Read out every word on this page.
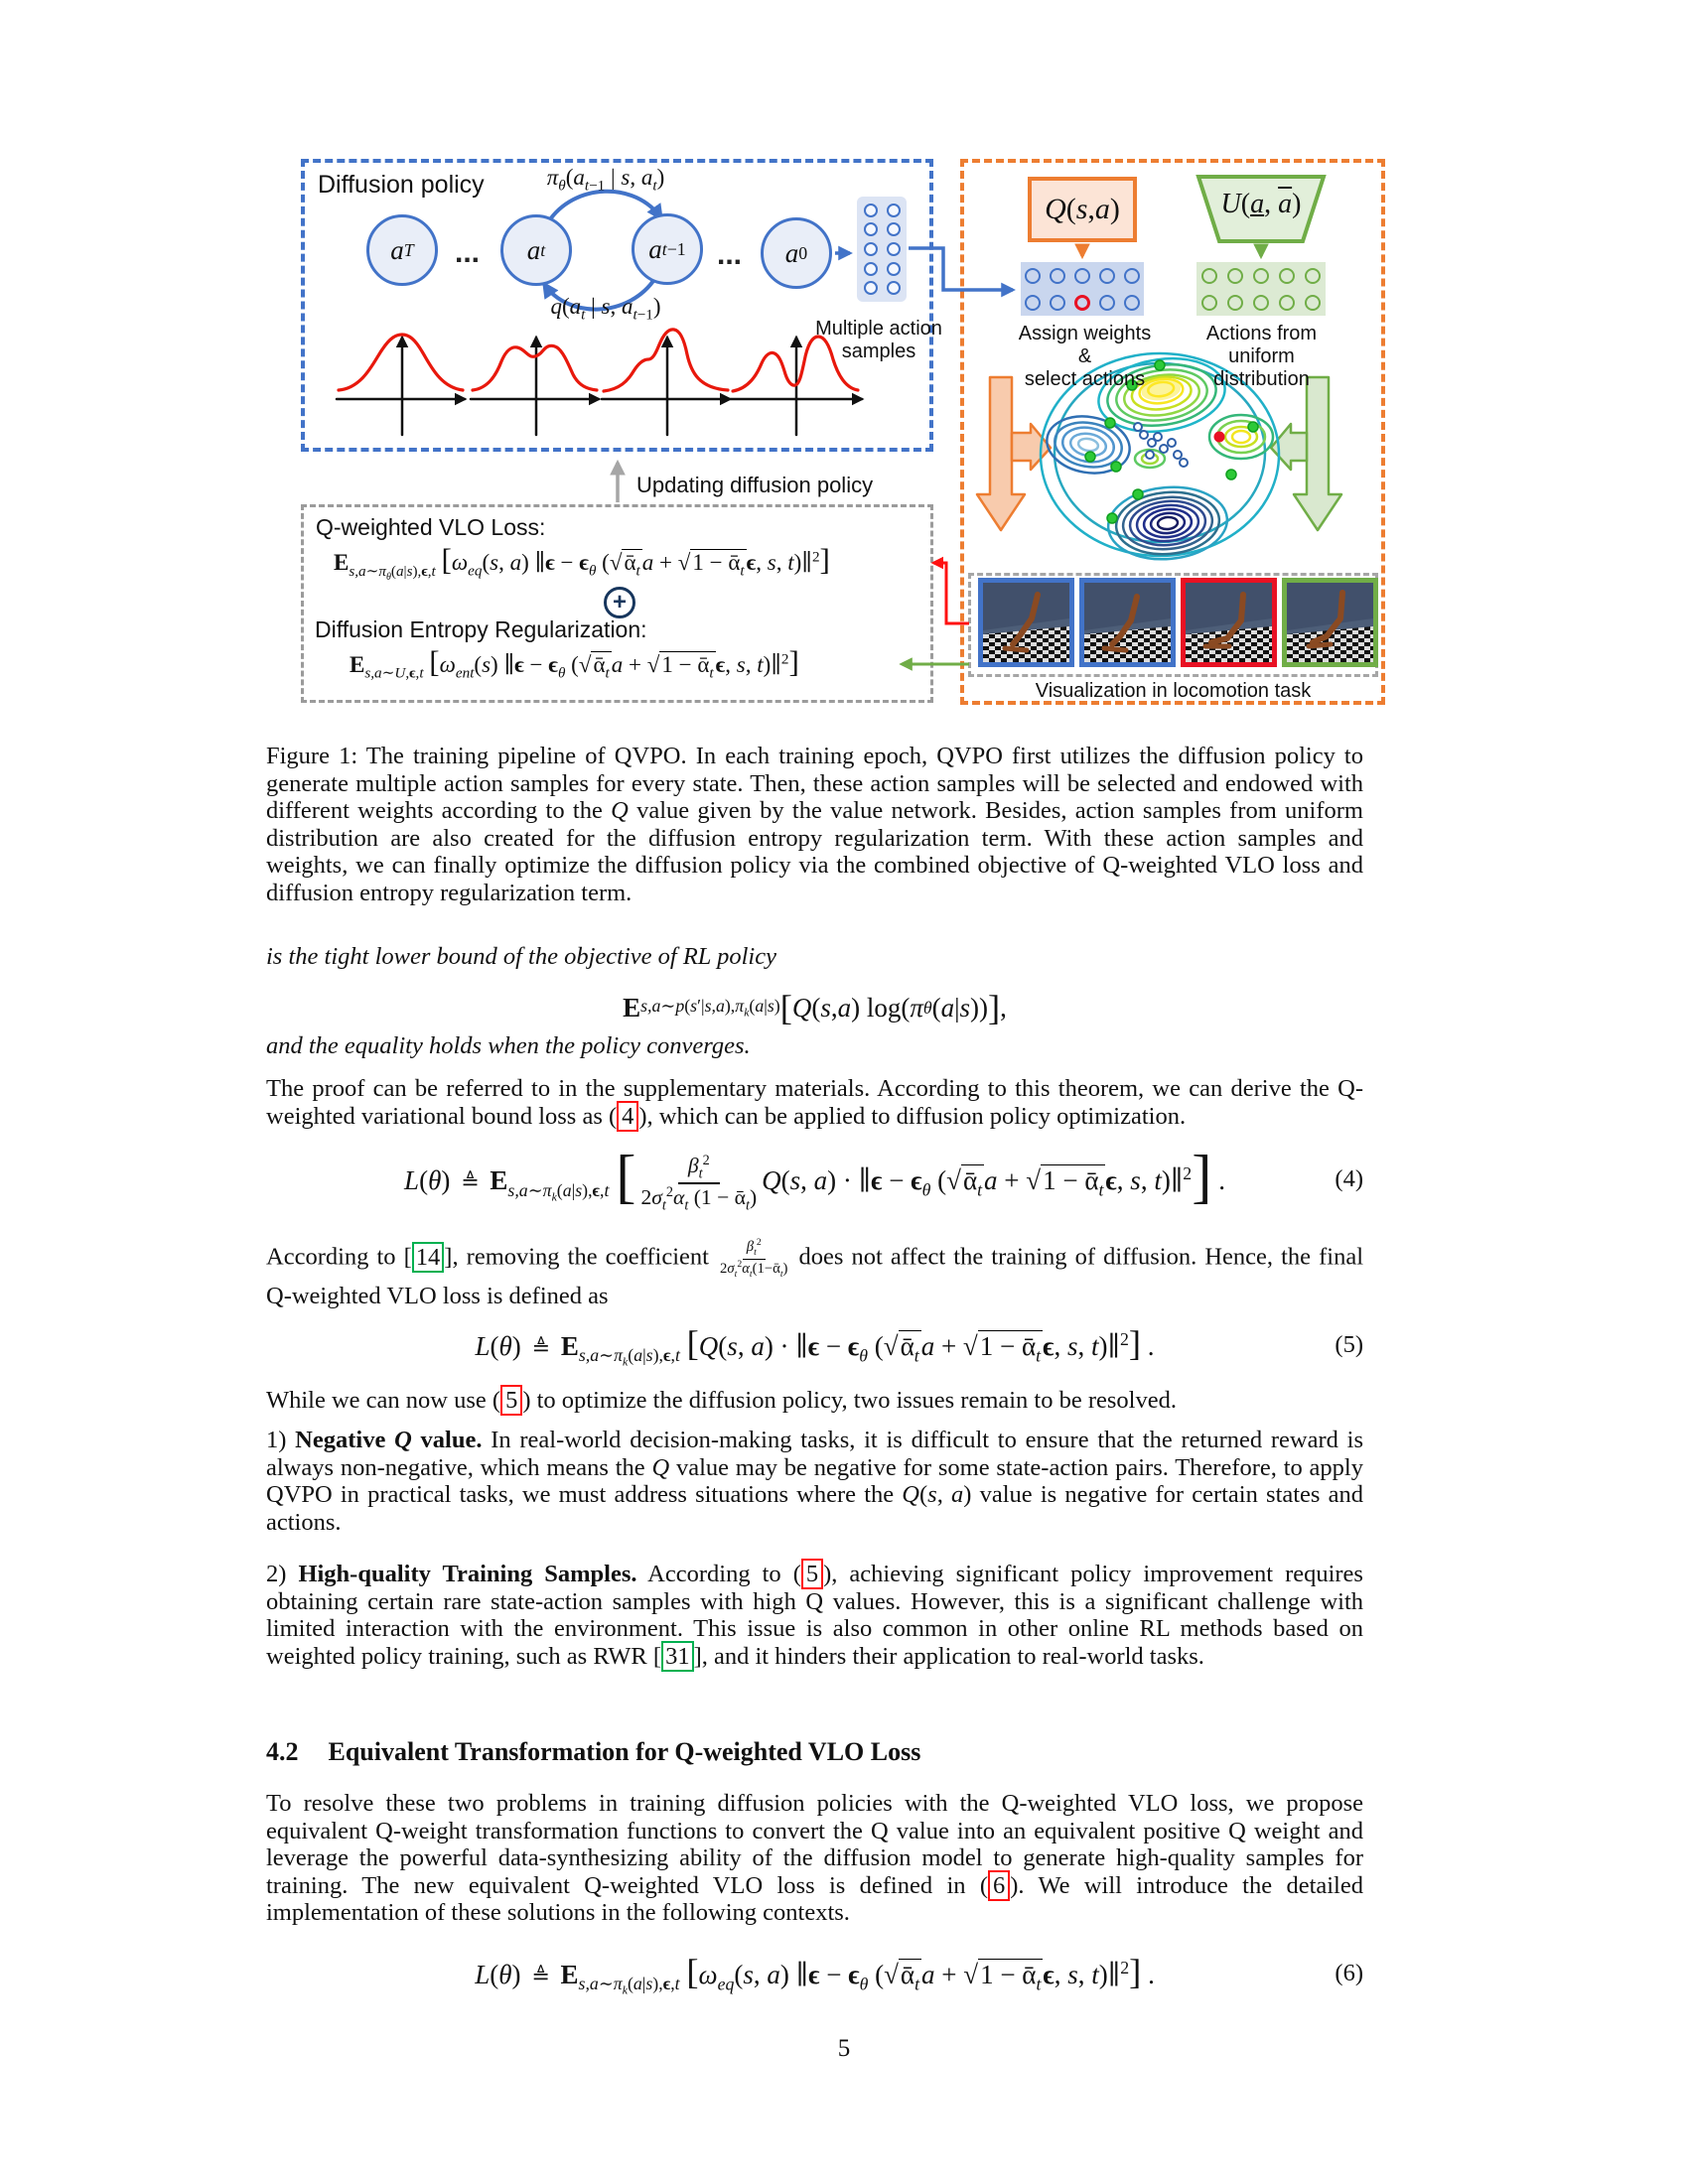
Diffusion policy	$\pi_\theta(a_{t-1}$ | s, $a_t$)
$q(a_t$ | s, $a_{t-1}$)
a T	a t	a t−1	a 0
...	...
Multiple action
samples
Q ( s , a )	U(a, $\overline{a}$)
Assign weights &
select actions
Actions from
uniform distribution
Visualization in locomotion task
Updating diffusion policy
Q-weighted VLO Loss:
$E_{s,a\sim\pi_\theta(a|s),\epsilon,t}$ [$\omega_{eq}(s$, a) ∥ϵ − $\epsilon_\theta$ (√ᾱ$_t$a + √1 − ᾱ$_t$ϵ, s, t)∥$^2$]
+
Diffusion Entropy Regularization:
$E_{s,a\sim U,\epsilon,t}$ [$\omega_{ent}(s)$ ∥ϵ − $\epsilon_\theta$ (√ᾱ$_t$a + √1 − ᾱ$_t$ϵ, s, t)∥$^2$]
Figure 1: The training pipeline of QVPO. In each training epoch, QVPO first utilizes the diffusion policy to generate multiple action samples for every state. Then, these action samples will be selected and endowed with different weights according to the Q value given by the value network. Besides, action samples from uniform distribution are also created for the diffusion entropy regularization term. With these action samples and weights, we can finally optimize the diffusion policy via the combined objective of Q-weighted VLO loss and diffusion entropy regularization term.
is the tight lower bound of the objective of RL policy
E $s,a\sim p(s'|s,a),\pi_k(a|s)$ [ Q ( s , a ) log( π θ ( a | s )) ] ,
and the equality holds when the policy converges.
The proof can be referred to in the supplementary materials. According to this theorem, we can derive the Q-weighted variational bound loss as ( 4 ), which can be applied to diffusion policy optimization.
L(θ) ≜ $E_{s,a\sim\pi_k(a|s),\epsilon,t}$ [ $\frac{\beta_t^2}{2\sigma_t^2\alpha_t (1 - ᾱ_t)} Q(s$, a) · ∥ϵ − $\epsilon_\theta$ (√ᾱ$_t$a + √1 − ᾱ$_t$ϵ, s, t)∥$^2$] .	(4)
According to [ 14 ], removing the coefficient $\frac{\beta_t^2}{2\sigma_t^2\alpha_t(1-ᾱ_t)}$ does not affect the training of diffusion. Hence, the final Q-weighted VLO loss is defined as
L(θ) ≜ $E_{s,a\sim\pi_k(a|s),\epsilon,t}$ [Q(s, a) · ∥ϵ − $\epsilon_\theta$ (√ᾱ$_t$a + √1 − ᾱ$_t$ϵ, s, t)∥$^2$] .	(5)
While we can now use ( 5 ) to optimize the diffusion policy, two issues remain to be resolved.
1) Negative Q value. In real-world decision-making tasks, it is difficult to ensure that the returned reward is always non-negative, which means the Q value may be negative for some state-action pairs. Therefore, to apply QVPO in practical tasks, we must address situations where the Q(s, a) value is negative for certain states and actions.
2) High-quality Training Samples. According to ( 5 ), achieving significant policy improvement requires obtaining certain rare state-action samples with high Q values. However, this is a significant challenge with limited interaction with the environment. This issue is also common in other online RL methods based on weighted policy training, such as RWR [ 31 ], and it hinders their application to real-world tasks.
4.2 Equivalent Transformation for Q-weighted VLO Loss
To resolve these two problems in training diffusion policies with the Q-weighted VLO loss, we propose equivalent Q-weight transformation functions to convert the Q value into an equivalent positive Q weight and leverage the powerful data-synthesizing ability of the diffusion model to generate high-quality samples for training. The new equivalent Q-weighted VLO loss is defined in ( 6 ). We will introduce the detailed implementation of these solutions in the following contexts.
L(θ) ≜ $E_{s,a\sim\pi_k(a|s),\epsilon,t}$ [$\omega_{eq}(s$, a) ∥ϵ − $\epsilon_\theta$ (√ᾱ$_t$a + √1 − ᾱ$_t$ϵ, s, t)∥$^2$] .	(6)
5
